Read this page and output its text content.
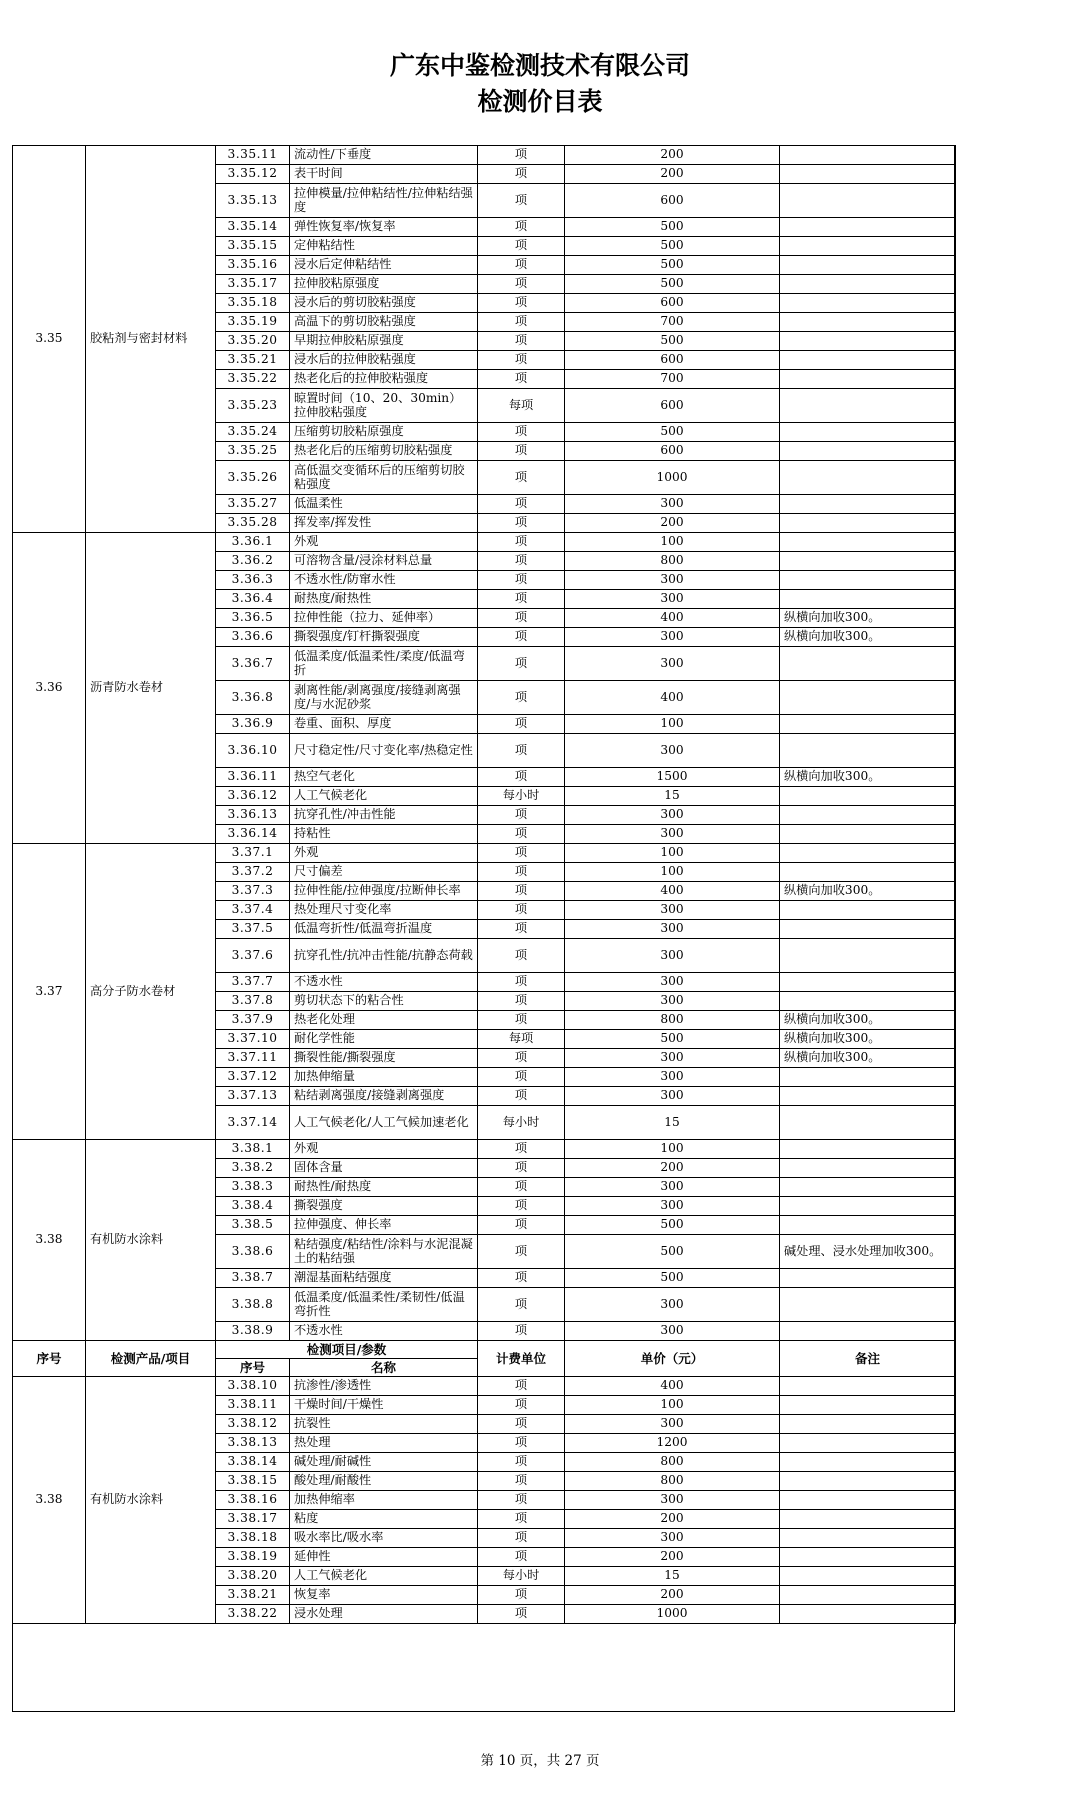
广东中鉴检测技术有限公司
检测价目表
3.35	胶粘剂与密封材料	3.35.11	流动性/下垂度	项	200	
		3.35.12	表干时间	项	200	
		3.35.13	拉伸模量/拉伸粘结性/拉伸粘结强度	项	600	
		3.35.14	弹性恢复率/恢复率	项	500	
		3.35.15	定伸粘结性	项	500	
		3.35.16	浸水后定伸粘结性	项	500	
		3.35.17	拉伸胶粘原强度	项	500	
		3.35.18	浸水后的剪切胶粘强度	项	600	
		3.35.19	高温下的剪切胶粘强度	项	700	
		3.35.20	早期拉伸胶粘原强度	项	500	
		3.35.21	浸水后的拉伸胶粘强度	项	600	
		3.35.22	热老化后的拉伸胶粘强度	项	700	
		3.35.23	晾置时间（10、20、30min）拉伸胶粘强度	每项	600	
		3.35.24	压缩剪切胶粘原强度	项	500	
		3.35.25	热老化后的压缩剪切胶粘强度	项	600	
		3.35.26	高低温交变循环后的压缩剪切胶粘强度	项	1000	
		3.35.27	低温柔性	项	300	
		3.35.28	挥发率/挥发性	项	200	
3.36	沥青防水卷材	3.36.1	外观	项	100	
		3.36.2	可溶物含量/浸涂材料总量	项	800	
		3.36.3	不透水性/防窜水性	项	300	
		3.36.4	耐热度/耐热性	项	300	
		3.36.5	拉伸性能（拉力、延伸率）	项	400	纵横向加收300。
		3.36.6	撕裂强度/钉杆撕裂强度	项	300	纵横向加收300。
		3.36.7	低温柔度/低温柔性/柔度/低温弯折	项	300	
		3.36.8	剥离性能/剥离强度/接缝剥离强度/与水泥砂浆	项	400	
		3.36.9	卷重、面积、厚度	项	100	
		3.36.10	尺寸稳定性/尺寸变化率/热稳定性	项	300	
		3.36.11	热空气老化	项	1500	纵横向加收300。
		3.36.12	人工气候老化	每小时	15	
		3.36.13	抗穿孔性/冲击性能	项	300	
		3.36.14	持粘性	项	300	
3.37	高分子防水卷材	3.37.1	外观	项	100	
		3.37.2	尺寸偏差	项	100	
		3.37.3	拉伸性能/拉伸强度/拉断伸长率	项	400	纵横向加收300。
		3.37.4	热处理尺寸变化率	项	300	
		3.37.5	低温弯折性/低温弯折温度	项	300	
		3.37.6	抗穿孔性/抗冲击性能/抗静态荷载	项	300	
		3.37.7	不透水性	项	300	
		3.37.8	剪切状态下的粘合性	项	300	
		3.37.9	热老化处理	项	800	纵横向加收300。
		3.37.10	耐化学性能	每项	500	纵横向加收300。
		3.37.11	撕裂性能/撕裂强度	项	300	纵横向加收300。
		3.37.12	加热伸缩量	项	300	
		3.37.13	粘结剥离强度/接缝剥离强度	项	300	
		3.37.14	人工气候老化/人工气候加速老化	每小时	15	
3.38	有机防水涂料	3.38.1	外观	项	100	
		3.38.2	固体含量	项	200	
		3.38.3	耐热性/耐热度	项	300	
		3.38.4	撕裂强度	项	300	
		3.38.5	拉伸强度、伸长率	项	500	
		3.38.6	粘结强度/粘结性/涂料与水泥混凝土的粘结强	项	500	碱处理、浸水处理加收300。
		3.38.7	潮湿基面粘结强度	项	500	
		3.38.8	低温柔度/低温柔性/柔韧性/低温弯折性	项	300	
		3.38.9	不透水性	项	300	
序号	检测产品/项目	检测项目/参数		计费单位	单价（元）	备注
		序号	名称			
3.38	有机防水涂料	3.38.10	抗渗性/渗透性	项	400	
		3.38.11	干燥时间/干燥性	项	100	
		3.38.12	抗裂性	项	300	
		3.38.13	热处理	项	1200	
		3.38.14	碱处理/耐碱性	项	800	
		3.38.15	酸处理/耐酸性	项	800	
		3.38.16	加热伸缩率	项	300	
		3.38.17	粘度	项	200	
		3.38.18	吸水率比/吸水率	项	300	
		3.38.19	延伸性	项	200	
		3.38.20	人工气候老化	每小时	15	
		3.38.21	恢复率	项	200	
		3.38.22	浸水处理	项	1000	
第 10 页，共 27 页
